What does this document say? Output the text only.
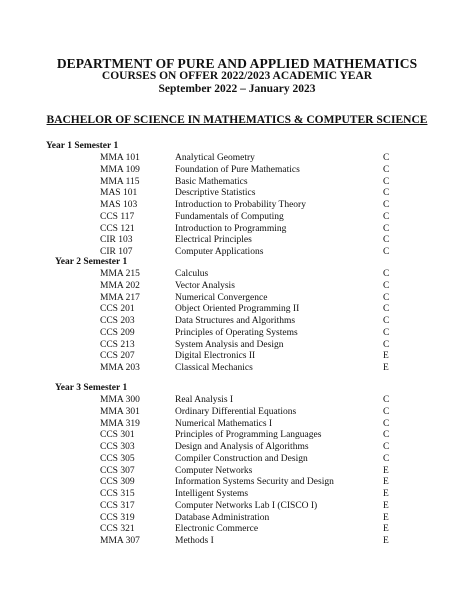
DEPARTMENT OF PURE AND APPLIED MATHEMATICS
COURSES ON OFFER 2022/2023 ACADEMIC YEAR
September 2022 – January 2023
BACHELOR OF SCIENCE IN MATHEMATICS & COMPUTER SCIENCE
Year 1 Semester 1
MMA 101	Analytical Geometry	C
MMA 109	Foundation of Pure Mathematics	C
MMA 115	Basic Mathematics	C
MAS 101	Descriptive Statistics	C
MAS 103	Introduction to Probability Theory	C
CCS 117	Fundamentals of Computing	C
CCS 121	Introduction to Programming	C
CIR 103	Electrical Principles	C
CIR 107	Computer Applications	C
Year 2 Semester 1
MMA 215	Calculus	C
MMA 202	Vector Analysis	C
MMA 217	Numerical Convergence	C
CCS 201	Object Oriented Programming II	C
CCS 203	Data Structures and Algorithms	C
CCS 209	Principles of Operating Systems	C
CCS 213	System Analysis and Design	C
CCS 207	Digital Electronics II	E
MMA 203	Classical Mechanics	E
Year 3 Semester 1
MMA 300	Real Analysis I	C
MMA 301	Ordinary Differential Equations	C
MMA 319	Numerical Mathematics I	C
CCS 301	Principles of Programming Languages	C
CCS 303	Design and Analysis of Algorithms	C
CCS 305	Compiler Construction and Design	C
CCS 307	Computer Networks	E
CCS 309	Information Systems Security and Design	E
CCS 315	Intelligent Systems	E
CCS 317	Computer Networks Lab I (CISCO I)	E
CCS 319	Database Administration	E
CCS 321	Electronic Commerce	E
MMA 307	Methods I	E
